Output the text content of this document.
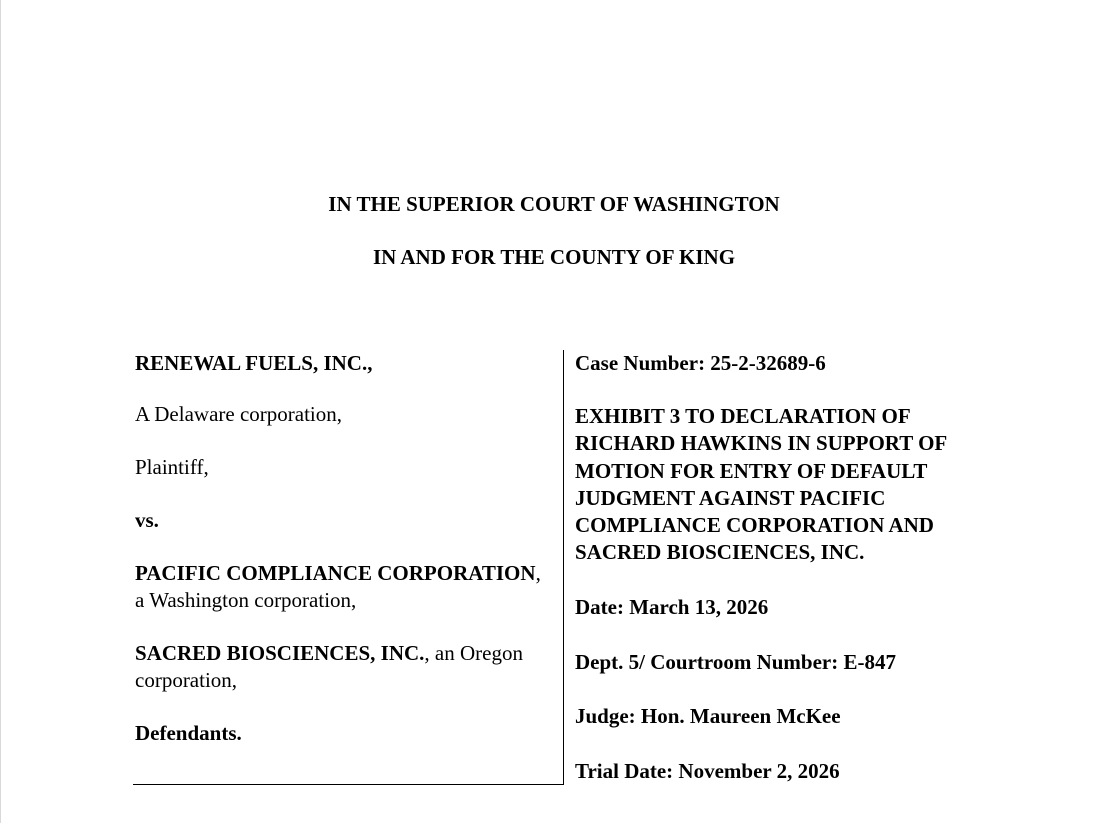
IN THE SUPERIOR COURT OF WASHINGTON
IN AND FOR THE COUNTY OF KING
RENEWAL FUELS, INC.,
A Delaware corporation,
Plaintiff,
vs.
PACIFIC COMPLIANCE CORPORATION,
a Washington corporation,
SACRED BIOSCIENCES, INC., an Oregon
corporation,
Defendants.
Case Number: 25-2-32689-6
EXHIBIT 3 TO DECLARATION OF
RICHARD HAWKINS IN SUPPORT OF
MOTION FOR ENTRY OF DEFAULT
JUDGMENT AGAINST PACIFIC
COMPLIANCE CORPORATION AND
SACRED BIOSCIENCES, INC.
Date: March 13, 2026
Dept. 5/ Courtroom Number: E-847
Judge: Hon. Maureen McKee
Trial Date: November 2, 2026
